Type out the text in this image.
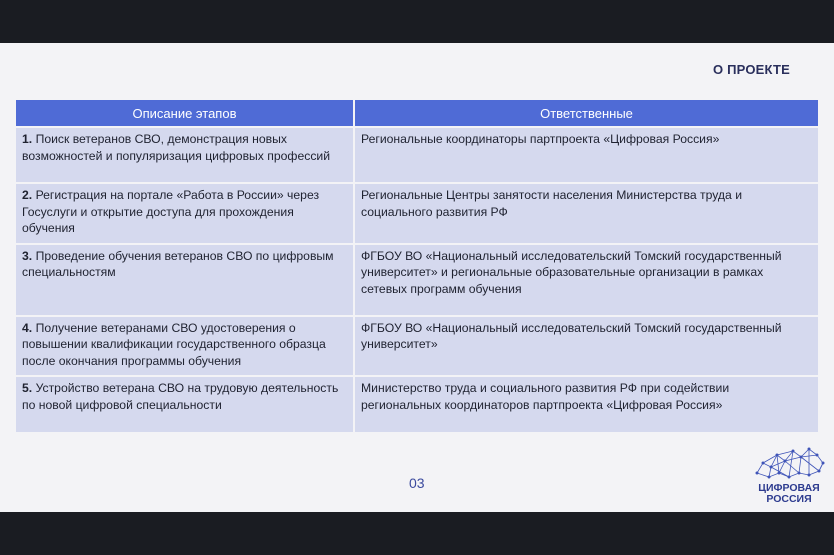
О ПРОЕКТЕ
Описание этапов	Ответственные
1. Поиск ветеранов СВО, демонстрация новых возможностей и популяризация цифровых профессий	Региональные координаторы партпроекта «Цифровая Россия»
2. Регистрация на портале «Работа в России» через Госуслуги и открытие доступа для прохождения обучения	Региональные Центры занятости населения Министерства труда и социального развития РФ
3. Проведение обучения ветеранов СВО по цифровым специальностям	ФГБОУ ВО «Национальный исследовательский Томский государственный университет» и региональные образовательные организации в рамках сетевых программ обучения
4. Получение ветеранами СВО удостоверения о повышении квалификации государственного образца после окончания программы обучения	ФГБОУ ВО «Национальный исследовательский Томский государственный университет»
5. Устройство ветерана СВО на трудовую деятельность по новой цифровой специальности	Министерство труда и социального развития РФ при содействии региональных координаторов партпроекта «Цифровая Россия»
03	ЦИФРОВАЯ
РОССИЯ
